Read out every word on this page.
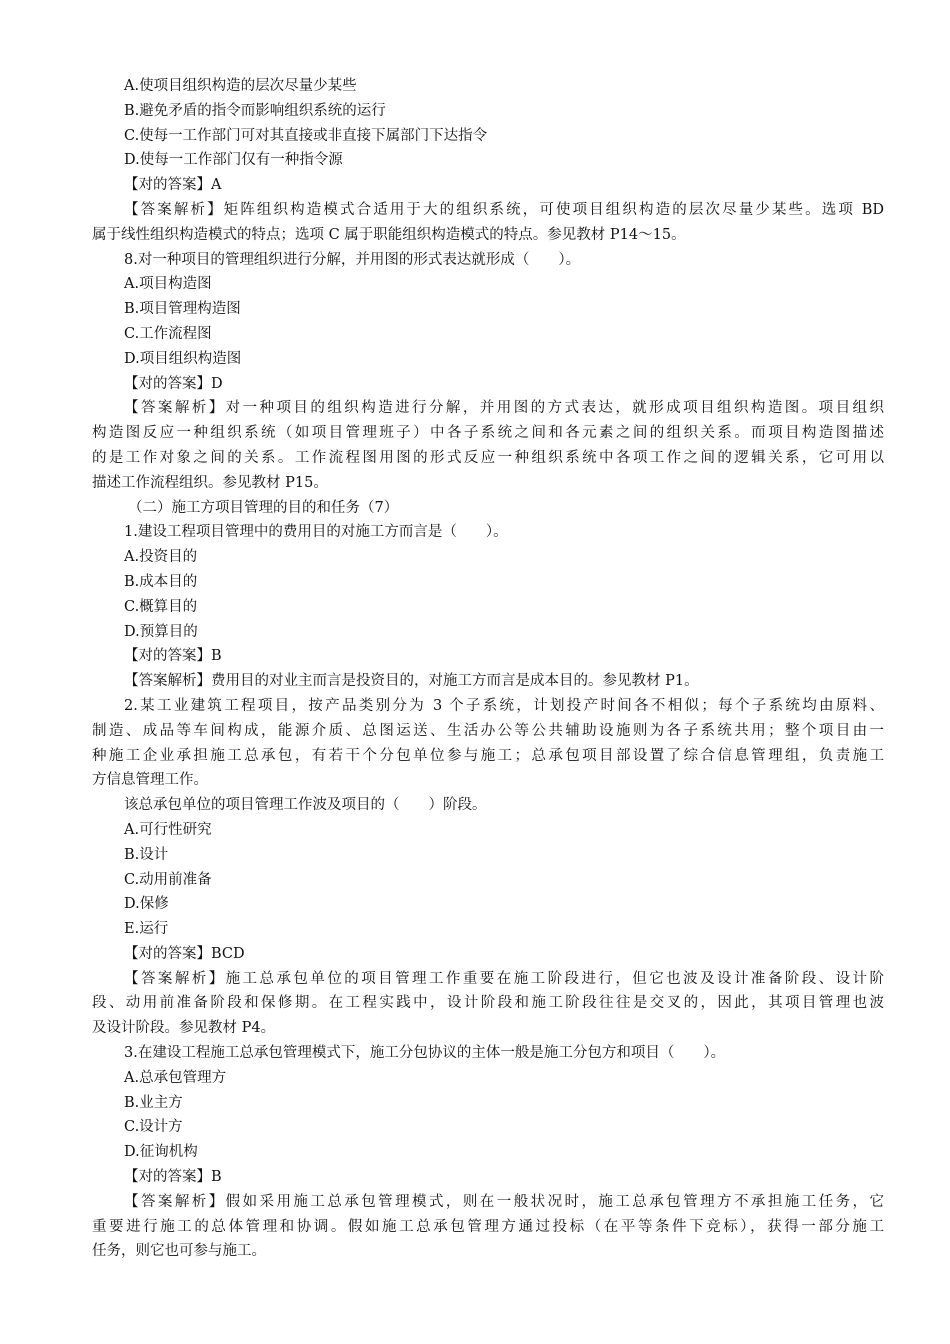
A.使项目组织构造的层次尽量少某些
B.避免矛盾的指令而影响组织系统的运行
C.使每一工作部门可对其直接或非直接下属部门下达指令
D.使每一工作部门仅有一种指令源
【对的答案】A
【答案解析】矩阵组织构造模式合适用于大的组织系统，可使项目组织构造的层次尽量少某些。选项 BD
属于线性组织构造模式的特点；选项 C 属于职能组织构造模式的特点。参见教材 P14～15。
8.对一种项目的管理组织进行分解，并用图的形式表达就形成（　　）。
A.项目构造图
B.项目管理构造图
C.工作流程图
D.项目组织构造图
【对的答案】D
【答案解析】对一种项目的组织构造进行分解，并用图的方式表达，就形成项目组织构造图。项目组织
构造图反应一种组织系统（如项目管理班子）中各子系统之间和各元素之间的组织关系。而项目构造图描述
的是工作对象之间的关系。工作流程图用图的形式反应一种组织系统中各项工作之间的逻辑关系，它可用以
描述工作流程组织。参见教材 P15。
（二）施工方项目管理的目的和任务（7）
1.建设工程项目管理中的费用目的对施工方而言是（　　）。
A.投资目的
B.成本目的
C.概算目的
D.预算目的
【对的答案】B
【答案解析】费用目的对业主而言是投资目的，对施工方而言是成本目的。参见教材 P1。
2.某工业建筑工程项目，按产品类别分为 3 个子系统，计划投产时间各不相似；每个子系统均由原料、
制造、成品等车间构成，能源介质、总图运送、生活办公等公共辅助设施则为各子系统共用；整个项目由一
种施工企业承担施工总承包，有若干个分包单位参与施工；总承包项目部设置了综合信息管理组，负责施工
方信息管理工作。
该总承包单位的项目管理工作波及项目的（　　）阶段。
A.可行性研究
B.设计
C.动用前准备
D.保修
E.运行
【对的答案】BCD
【答案解析】施工总承包单位的项目管理工作重要在施工阶段进行，但它也波及设计准备阶段、设计阶
段、动用前准备阶段和保修期。在工程实践中，设计阶段和施工阶段往往是交叉的，因此，其项目管理也波
及设计阶段。参见教材 P4。
3.在建设工程施工总承包管理模式下，施工分包协议的主体一般是施工分包方和项目（　　）。
A.总承包管理方
B.业主方
C.设计方
D.征询机构
【对的答案】B
【答案解析】假如采用施工总承包管理模式，则在一般状况时，施工总承包管理方不承担施工任务，它
重要进行施工的总体管理和协调。假如施工总承包管理方通过投标（在平等条件下竞标），获得一部分施工
任务，则它也可参与施工。
